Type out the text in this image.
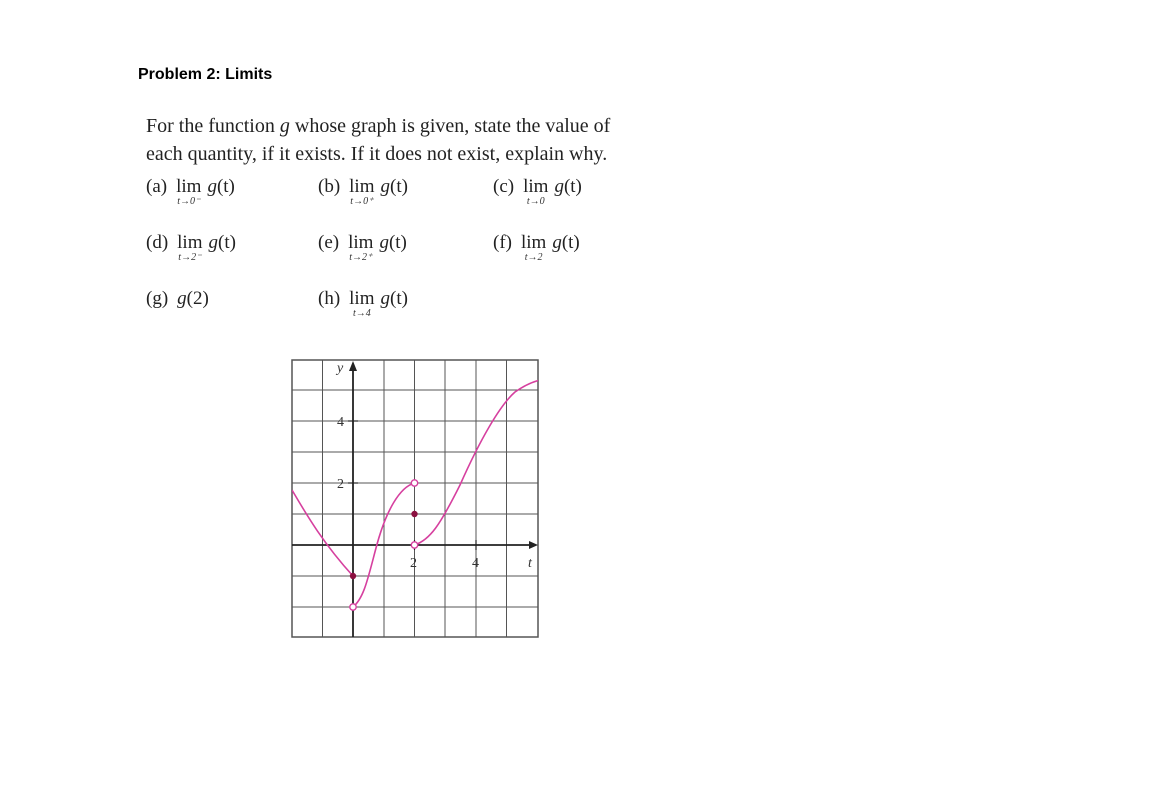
Problem 2: Limits
For the function g whose graph is given, state the value of
each quantity, if it exists. If it does not exist, explain why.
(a) lim
t→0⁻
g(t)	(b) lim
t→0⁺
g(t)	(c) lim
t→0
g(t)
(d) lim
t→2⁻
g(t)	(e) lim
t→2⁺
g(t)	(f) lim
t→2
g(t)
(g) g(2)	(h) lim
t→4
g(t)
y
t
4
2
2	4
